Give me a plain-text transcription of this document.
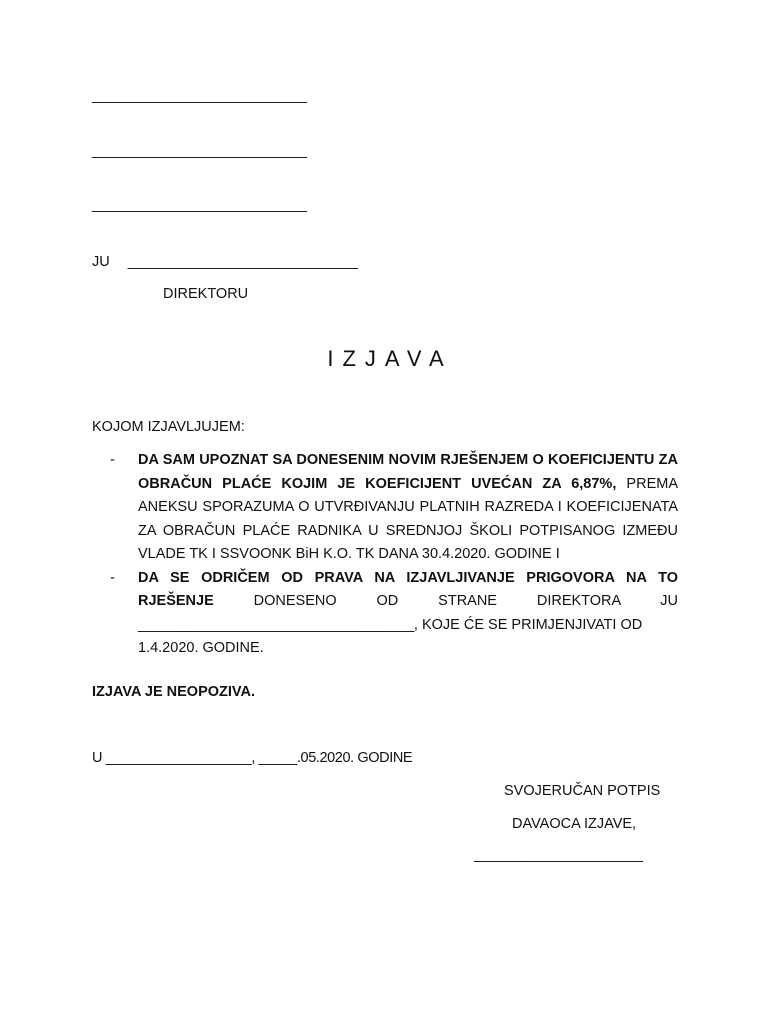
____________________________
____________________________
____________________________
JU ______________________________
DIREKTORU
IZJAVA
KOJOM IZJAVLJUJEM:
- DA SAM UPOZNAT SA DONESENIM NOVIM RJEŠENJEM O KOEFICIJENTU ZA OBRAČUN PLAĆE KOJIM JE KOEFICIJENT UVEĆAN ZA 6,87%, PREMA ANEKSU SPORAZUMA O UTVRĐIVANJU PLATNIH RAZREDA I KOEFICIJENATA ZA OBRAČUN PLAĆE RADNIKA U SREDNJOJ ŠKOLI POTPISANOG IZMEĐU VLADE TK I SSVOONK BiH K.O. TK DANA 30.4.2020. GODINE I
- DA SE ODRIČEM OD PRAVA NA IZJAVLJIVANJE PRIGOVORA NA TO
RJEŠENJE	DONESENO OD STRANE DIREKTORA JU
____________________________________, KOJE ĆE SE PRIMJENJIVATI OD
1.4.2020. GODINE.
IZJAVA JE NEOPOZIVA.
U ___________________, _____.05.2020. GODINE
SVOJERUČAN POTPIS
DAVAOCA IZJAVE,
______________________
